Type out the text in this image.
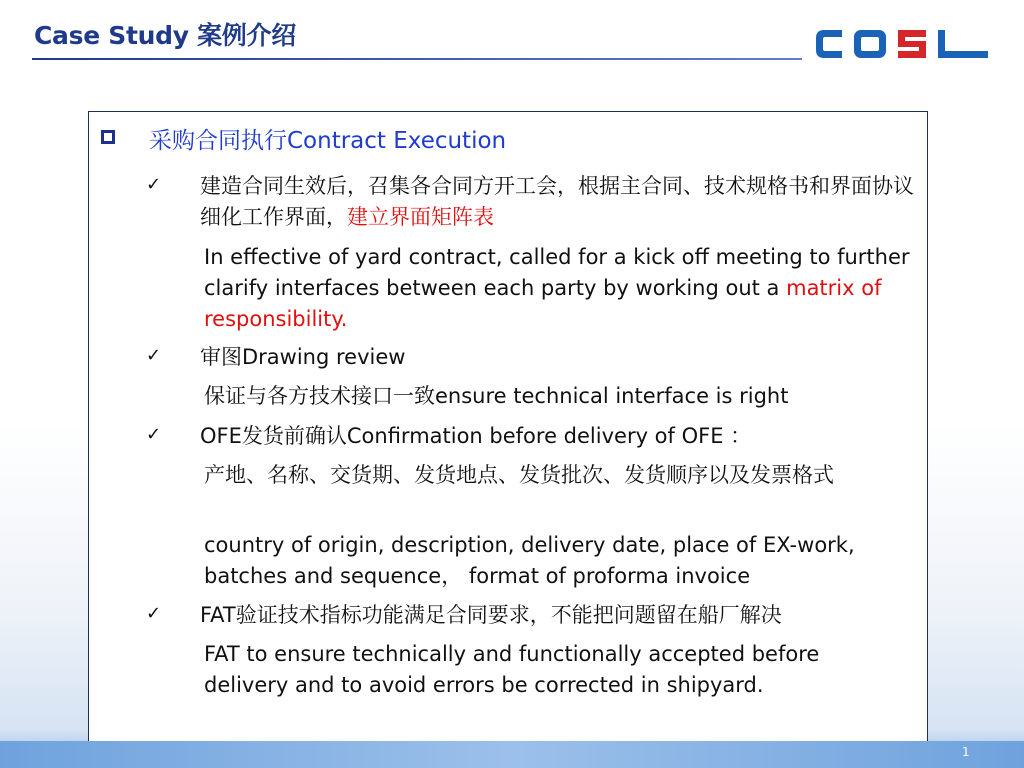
Case Study 案例介绍
采购合同执行Contract Execution
✓ 建造合同生效后，召集各合同方开工会，根据主合同、技术规格书和界面协议细化工作界面，建立界面矩阵表
In effective of yard contract, called for a kick off meeting to further clarify interfaces between each party by working out a matrix of responsibility.
✓ 审图Drawing review
保证与各方技术接口一致ensure technical interface is right
✓ OFE发货前确认Confirmation before delivery of OFE ：
产地、名称、交货期、发货地点、发货批次、发货顺序以及发票格式
country of origin, description, delivery date, place of EX-work, batches and sequence， format of proforma invoice
✓ FAT验证技术指标功能满足合同要求，不能把问题留在船厂解决
FAT to ensure technically and functionally accepted before delivery and to avoid errors be corrected in shipyard.
1
